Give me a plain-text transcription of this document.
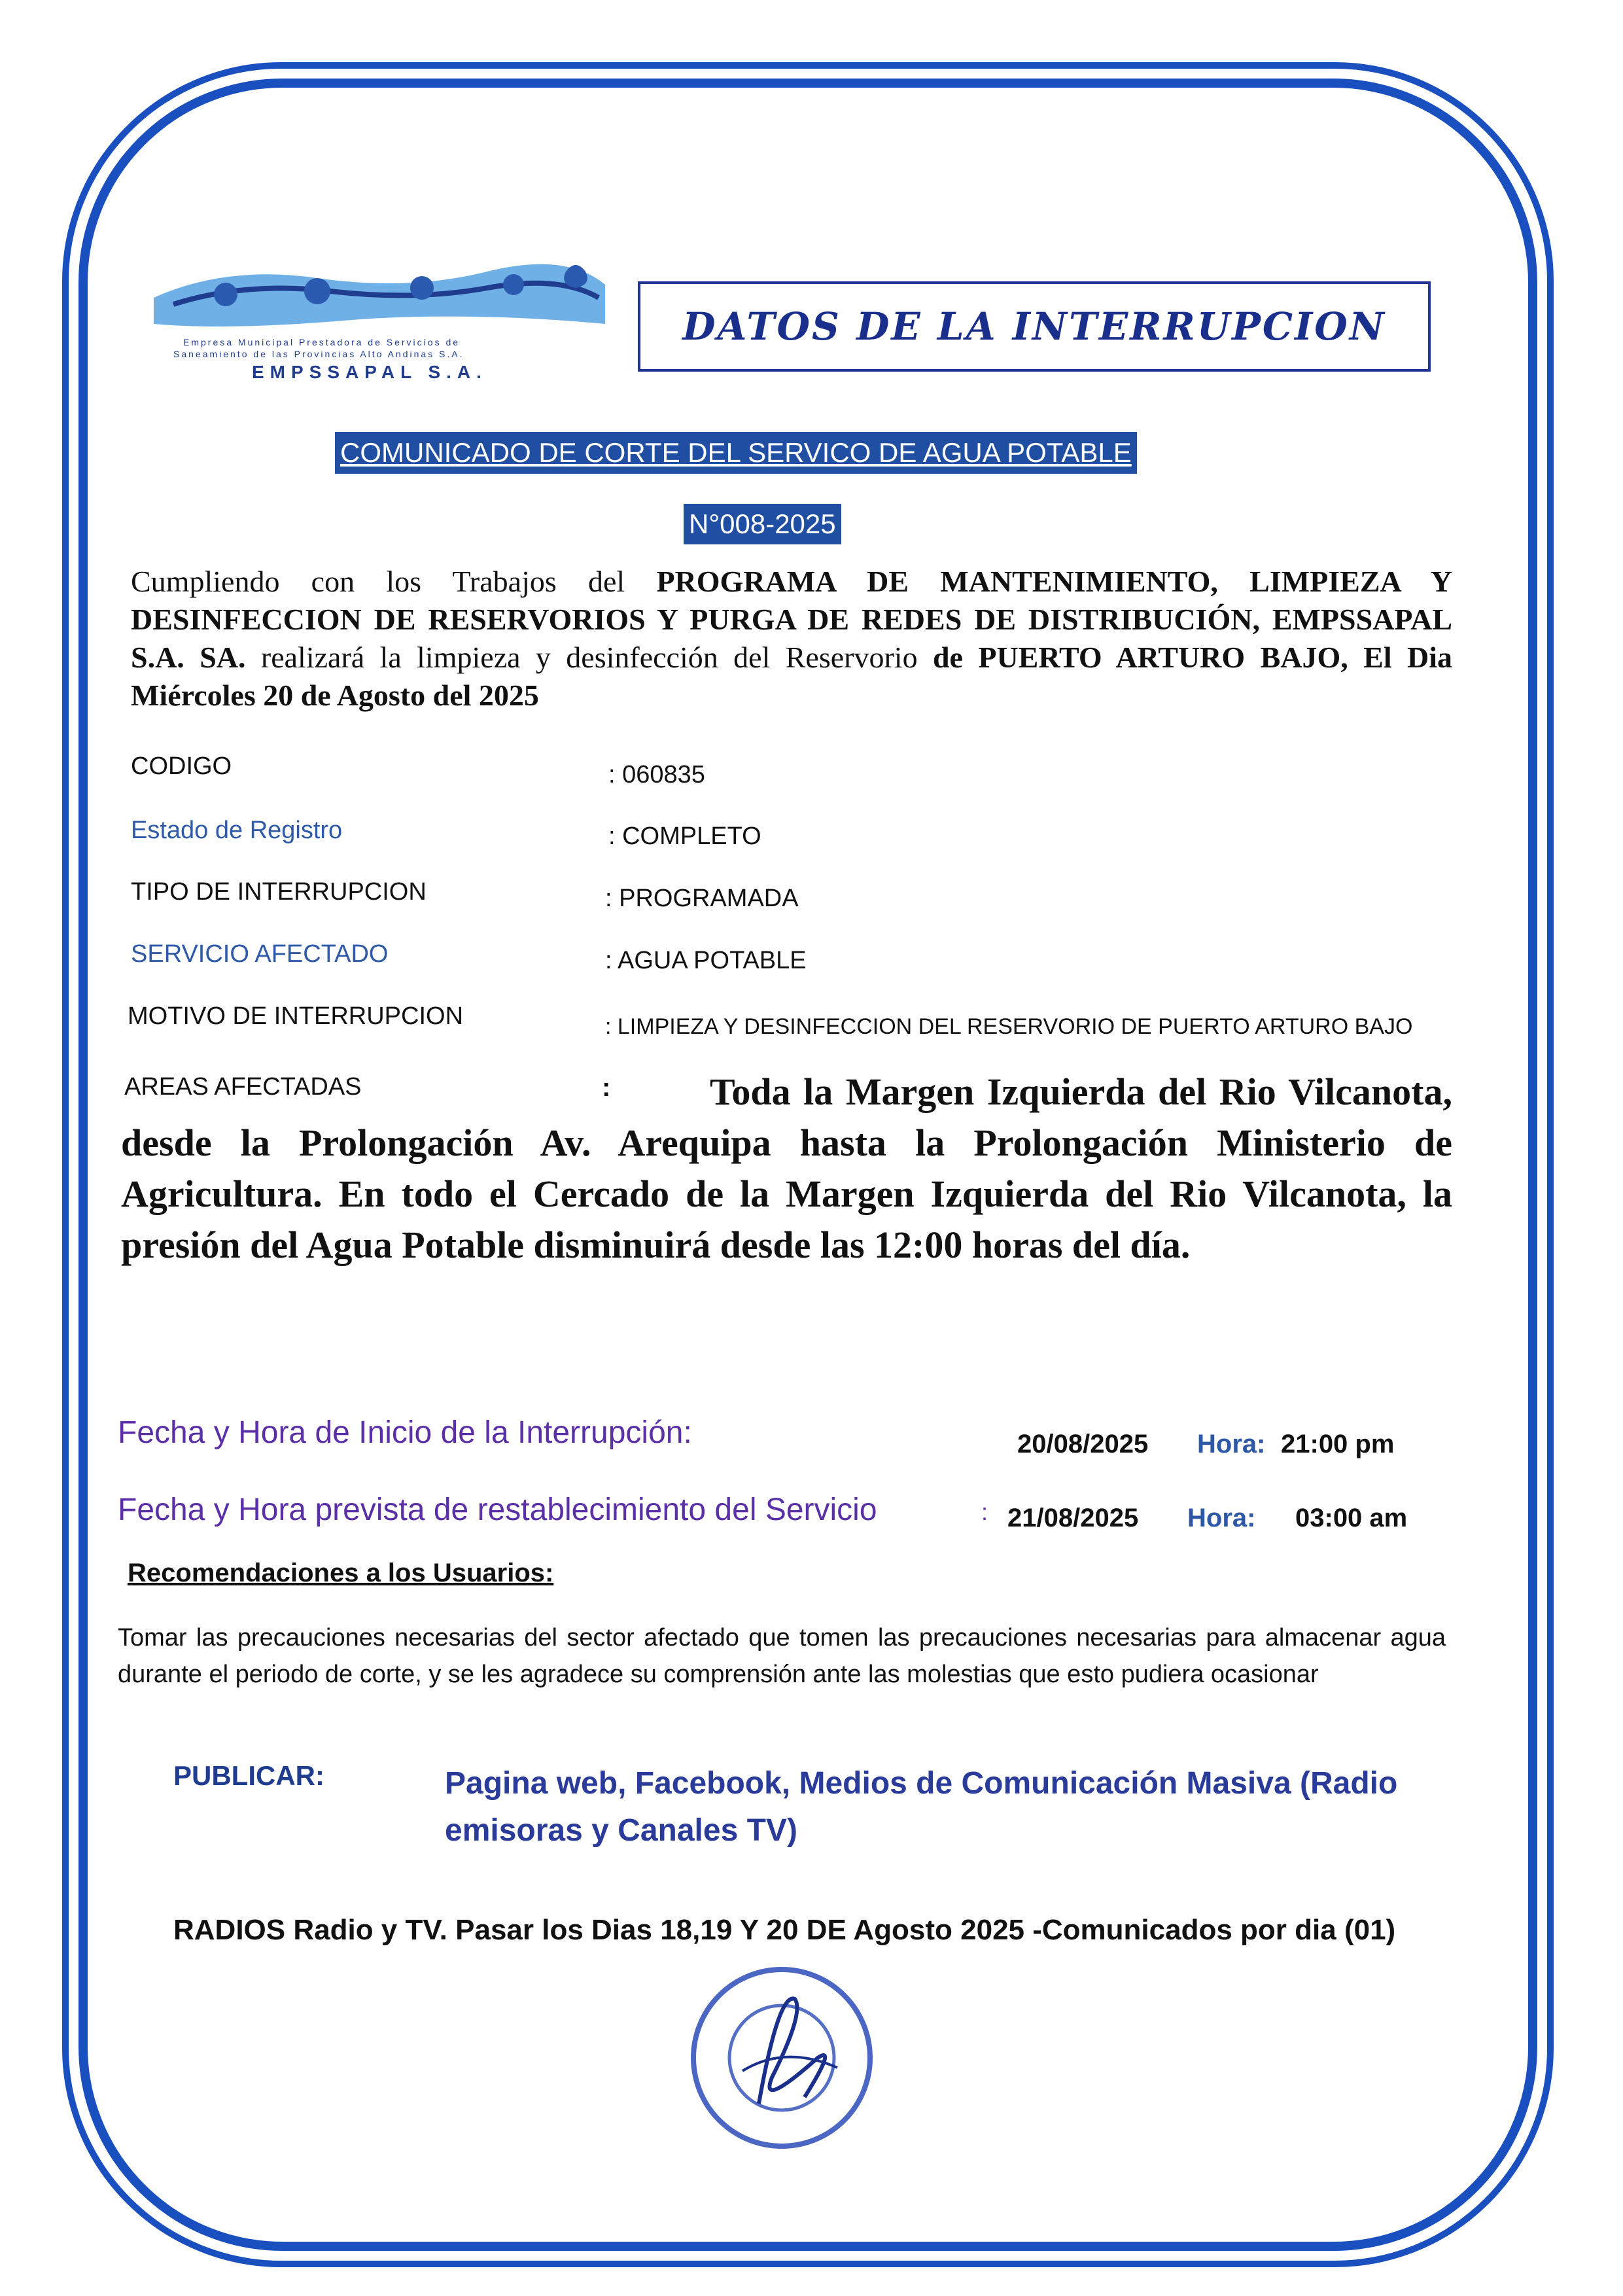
Empresa Municipal Prestadora de Servicios de
Saneamiento de las Provincias Alto Andinas S.A.
EMPSSAPAL S.A.
DATOS DE LA INTERRUPCION
COMUNICADO DE CORTE DEL SERVICO DE AGUA POTABLE
N°008-2025
Cumpliendo con los Trabajos del PROGRAMA DE MANTENIMIENTO, LIMPIEZA Y DESINFECCION DE RESERVORIOS Y PURGA DE REDES DE DISTRIBUCIÓN, EMPSSAPAL S.A. SA. realizará la limpieza y desinfección del Reservorio de PUERTO ARTURO BAJO, El Dia Miércoles 20 de Agosto del 2025
CODIGO	: 060835
Estado de Registro	: COMPLETO
TIPO DE INTERRUPCION	: PROGRAMADA
SERVICIO AFECTADO	: AGUA POTABLE
MOTIVO DE INTERRUPCION	: LIMPIEZA Y DESINFECCION DEL RESERVORIO DE PUERTO ARTURO BAJO
AREAS AFECTADAS	:	Toda la Margen Izquierda del Rio Vilcanota, desde la Prolongación Av. Arequipa hasta la Prolongación Ministerio de Agricultura. En todo el Cercado de la Margen Izquierda del Rio Vilcanota, la presión del Agua Potable disminuirá desde las 12:00 horas del día.
Fecha y Hora de Inicio de la Interrupción:	20/08/2025 Hora: 21:00 pm
Fecha y Hora prevista de restablecimiento del Servicio	: 21/08/2025 Hora: 03:00 am
Recomendaciones a los Usuarios:
Tomar las precauciones necesarias del sector afectado que tomen las precauciones necesarias para almacenar agua durante el periodo de corte, y se les agradece su comprensión ante las molestias que esto pudiera ocasionar
PUBLICAR:	Pagina web, Facebook, Medios de Comunicación Masiva (Radio emisoras y Canales TV)
RADIOS Radio y TV. Pasar los Dias 18,19 Y 20 DE Agosto 2025 -Comunicados por dia (01)
